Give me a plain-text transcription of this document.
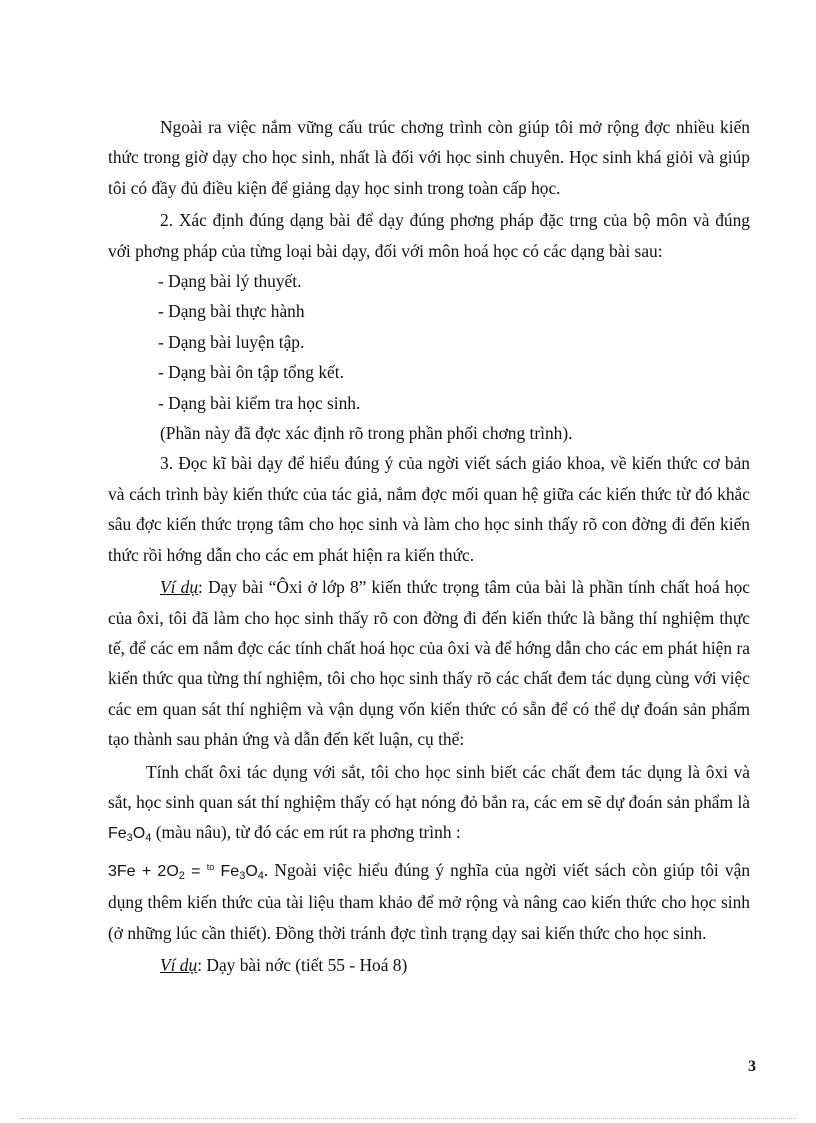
Ngoài ra việc nắm vững cấu trúc chơng trình còn giúp tôi mở rộng đợc nhiều kiến thức trong giờ dạy cho học sinh, nhất là đối với học sinh chuyên. Học sinh khá giỏi và giúp tôi có đầy đủ điều kiện để giảng dạy học sinh trong toàn cấp học.

2. Xác định đúng dạng bài để dạy đúng phơng pháp đặc trng của bộ môn và đúng với phơng pháp của từng loại bài dạy, đối với môn hoá học có các dạng bài sau:

- Dạng bài lý thuyết.

- Dạng bài thực hành

- Dạng bài luyện tập.

- Dạng bài ôn tập tổng kết.

- Dạng bài kiểm tra học sinh.

(Phần này đã đợc xác định rõ trong phần phối chơng trình).

3. Đọc kĩ bài dạy để hiểu đúng ý của ngời viết sách giáo khoa, về kiến thức cơ bản và cách trình bày kiến thức của tác giả, nắm đợc mối quan hệ giữa các kiến thức từ đó khắc sâu đợc kiến thức trọng tâm cho học sinh và làm cho học sinh thấy rõ con đờng đi đến kiến thức rồi hớng dẫn cho các em phát hiện ra kiến thức.

Ví dụ: Dạy bài “Ôxi ở lớp 8” kiến thức trọng tâm của bài là phần tính chất hoá học của ôxi, tôi đã làm cho học sinh thấy rõ con đờng đi đến kiến thức là bằng thí nghiệm thực tế, để các em nắm đợc các tính chất hoá học của ôxi và để hớng dẫn cho các em phát hiện ra kiến thức qua từng thí nghiệm, tôi cho học sinh thấy rõ các chất đem tác dụng cùng với việc các em quan sát thí nghiệm và vận dụng vốn kiến thức có sẵn để có thể dự đoán sản phẩm tạo thành sau phản ứng và dẫn đến kết luận, cụ thể:

Tính chất ôxi tác dụng với sắt, tôi cho học sinh biết các chất đem tác dụng là ôxi và sắt, học sinh quan sát thí nghiệm thấy có hạt nóng đỏ bắn ra, các em sẽ dự đoán sản phẩm là $Fe_3O_4$ (màu nâu), từ đó các em rút ra phơng trình :

$3Fe + 2O_2 = ^{to}$ $Fe_3O_4$. Ngoài việc hiểu đúng ý nghĩa của ngời viết sách còn giúp tôi vận dụng thêm kiến thức của tài liệu tham khảo để mở rộng và nâng cao kiến thức cho học sinh (ở những lúc cần thiết). Đồng thời tránh đợc tình trạng dạy sai kiến thức cho học sinh.

Ví dụ: Dạy bài nớc (tiết 55 - Hoá 8)

3
